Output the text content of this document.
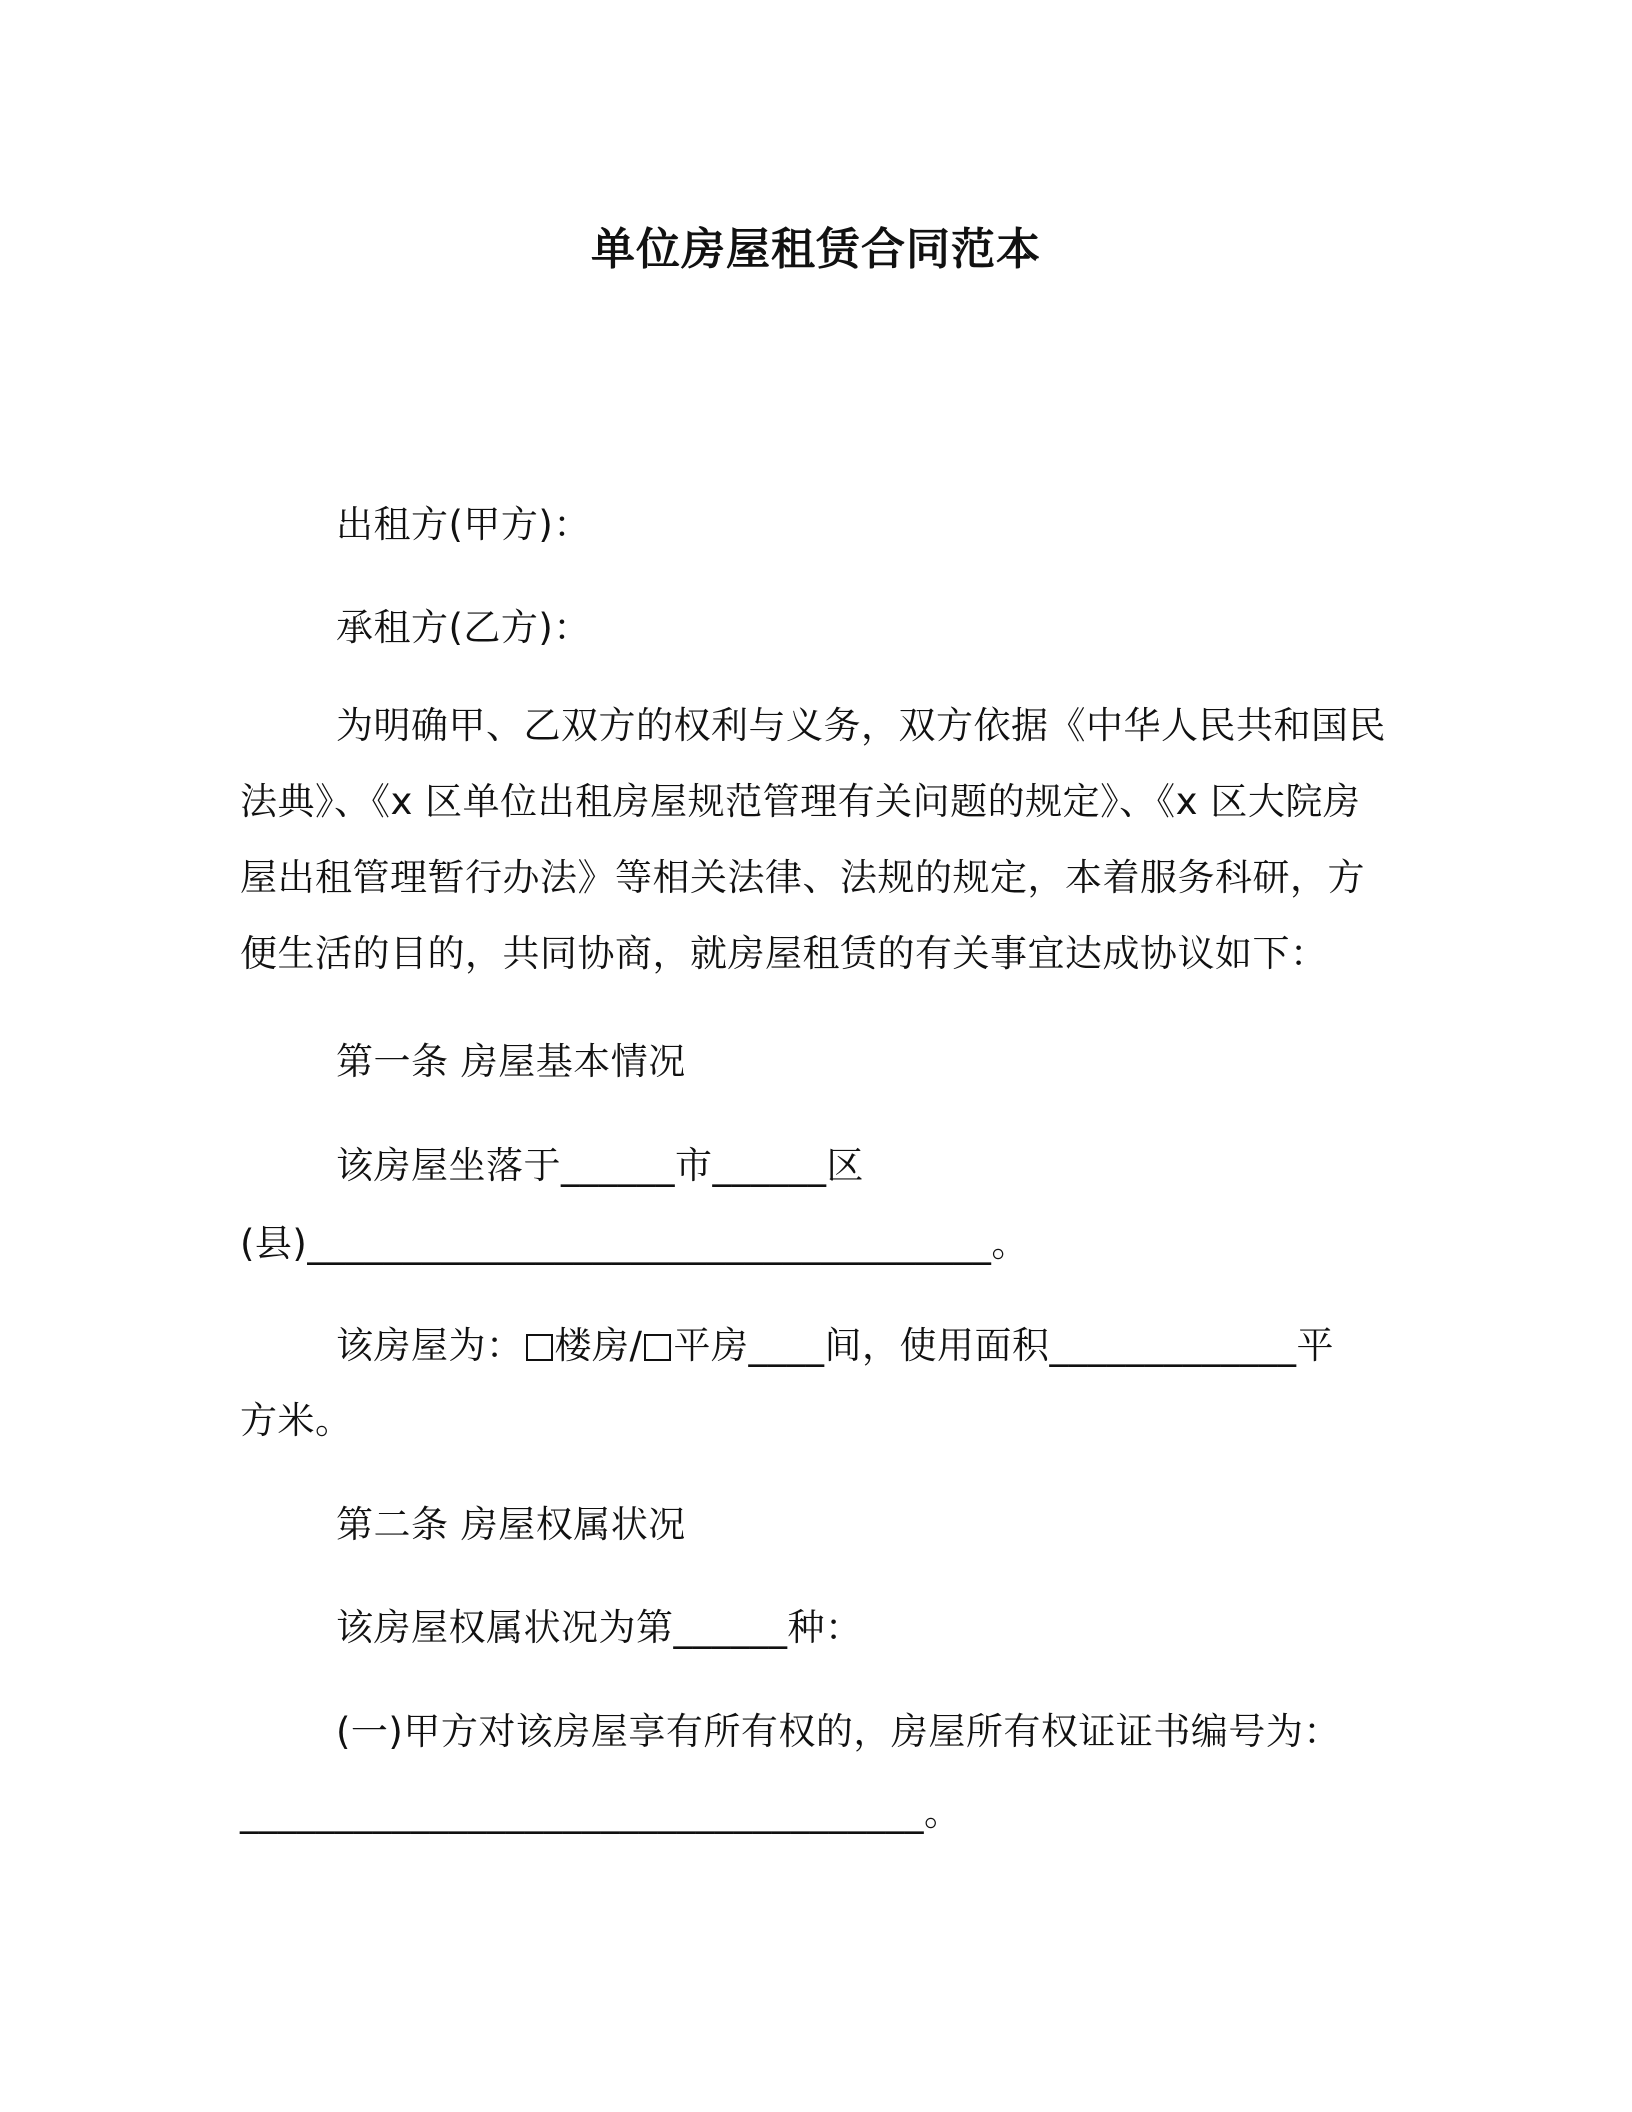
单位房屋租赁合同范本

出租方(甲方)：

承租方(乙方)：

为明确甲、乙双方的权利与义务，双方依据《中华人民共和国民法典》、《x 区单位出租房屋规范管理有关问题的规定》、《x 区大院房屋出租管理暂行办法》等相关法律、法规的规定，本着服务科研，方便生活的目的，共同协商，就房屋租赁的有关事宜达成协议如下：

第一条 房屋基本情况

该房屋坐落于______市______区

(县)____________________________________。

该房屋为： 楼房/ 平房____间，使用面积_____________平

方米。

第二条 房屋权属状况

该房屋权属状况为第______种：

(一)甲方对该房屋享有所有权的，房屋所有权证证书编号为：

____________________________________。
